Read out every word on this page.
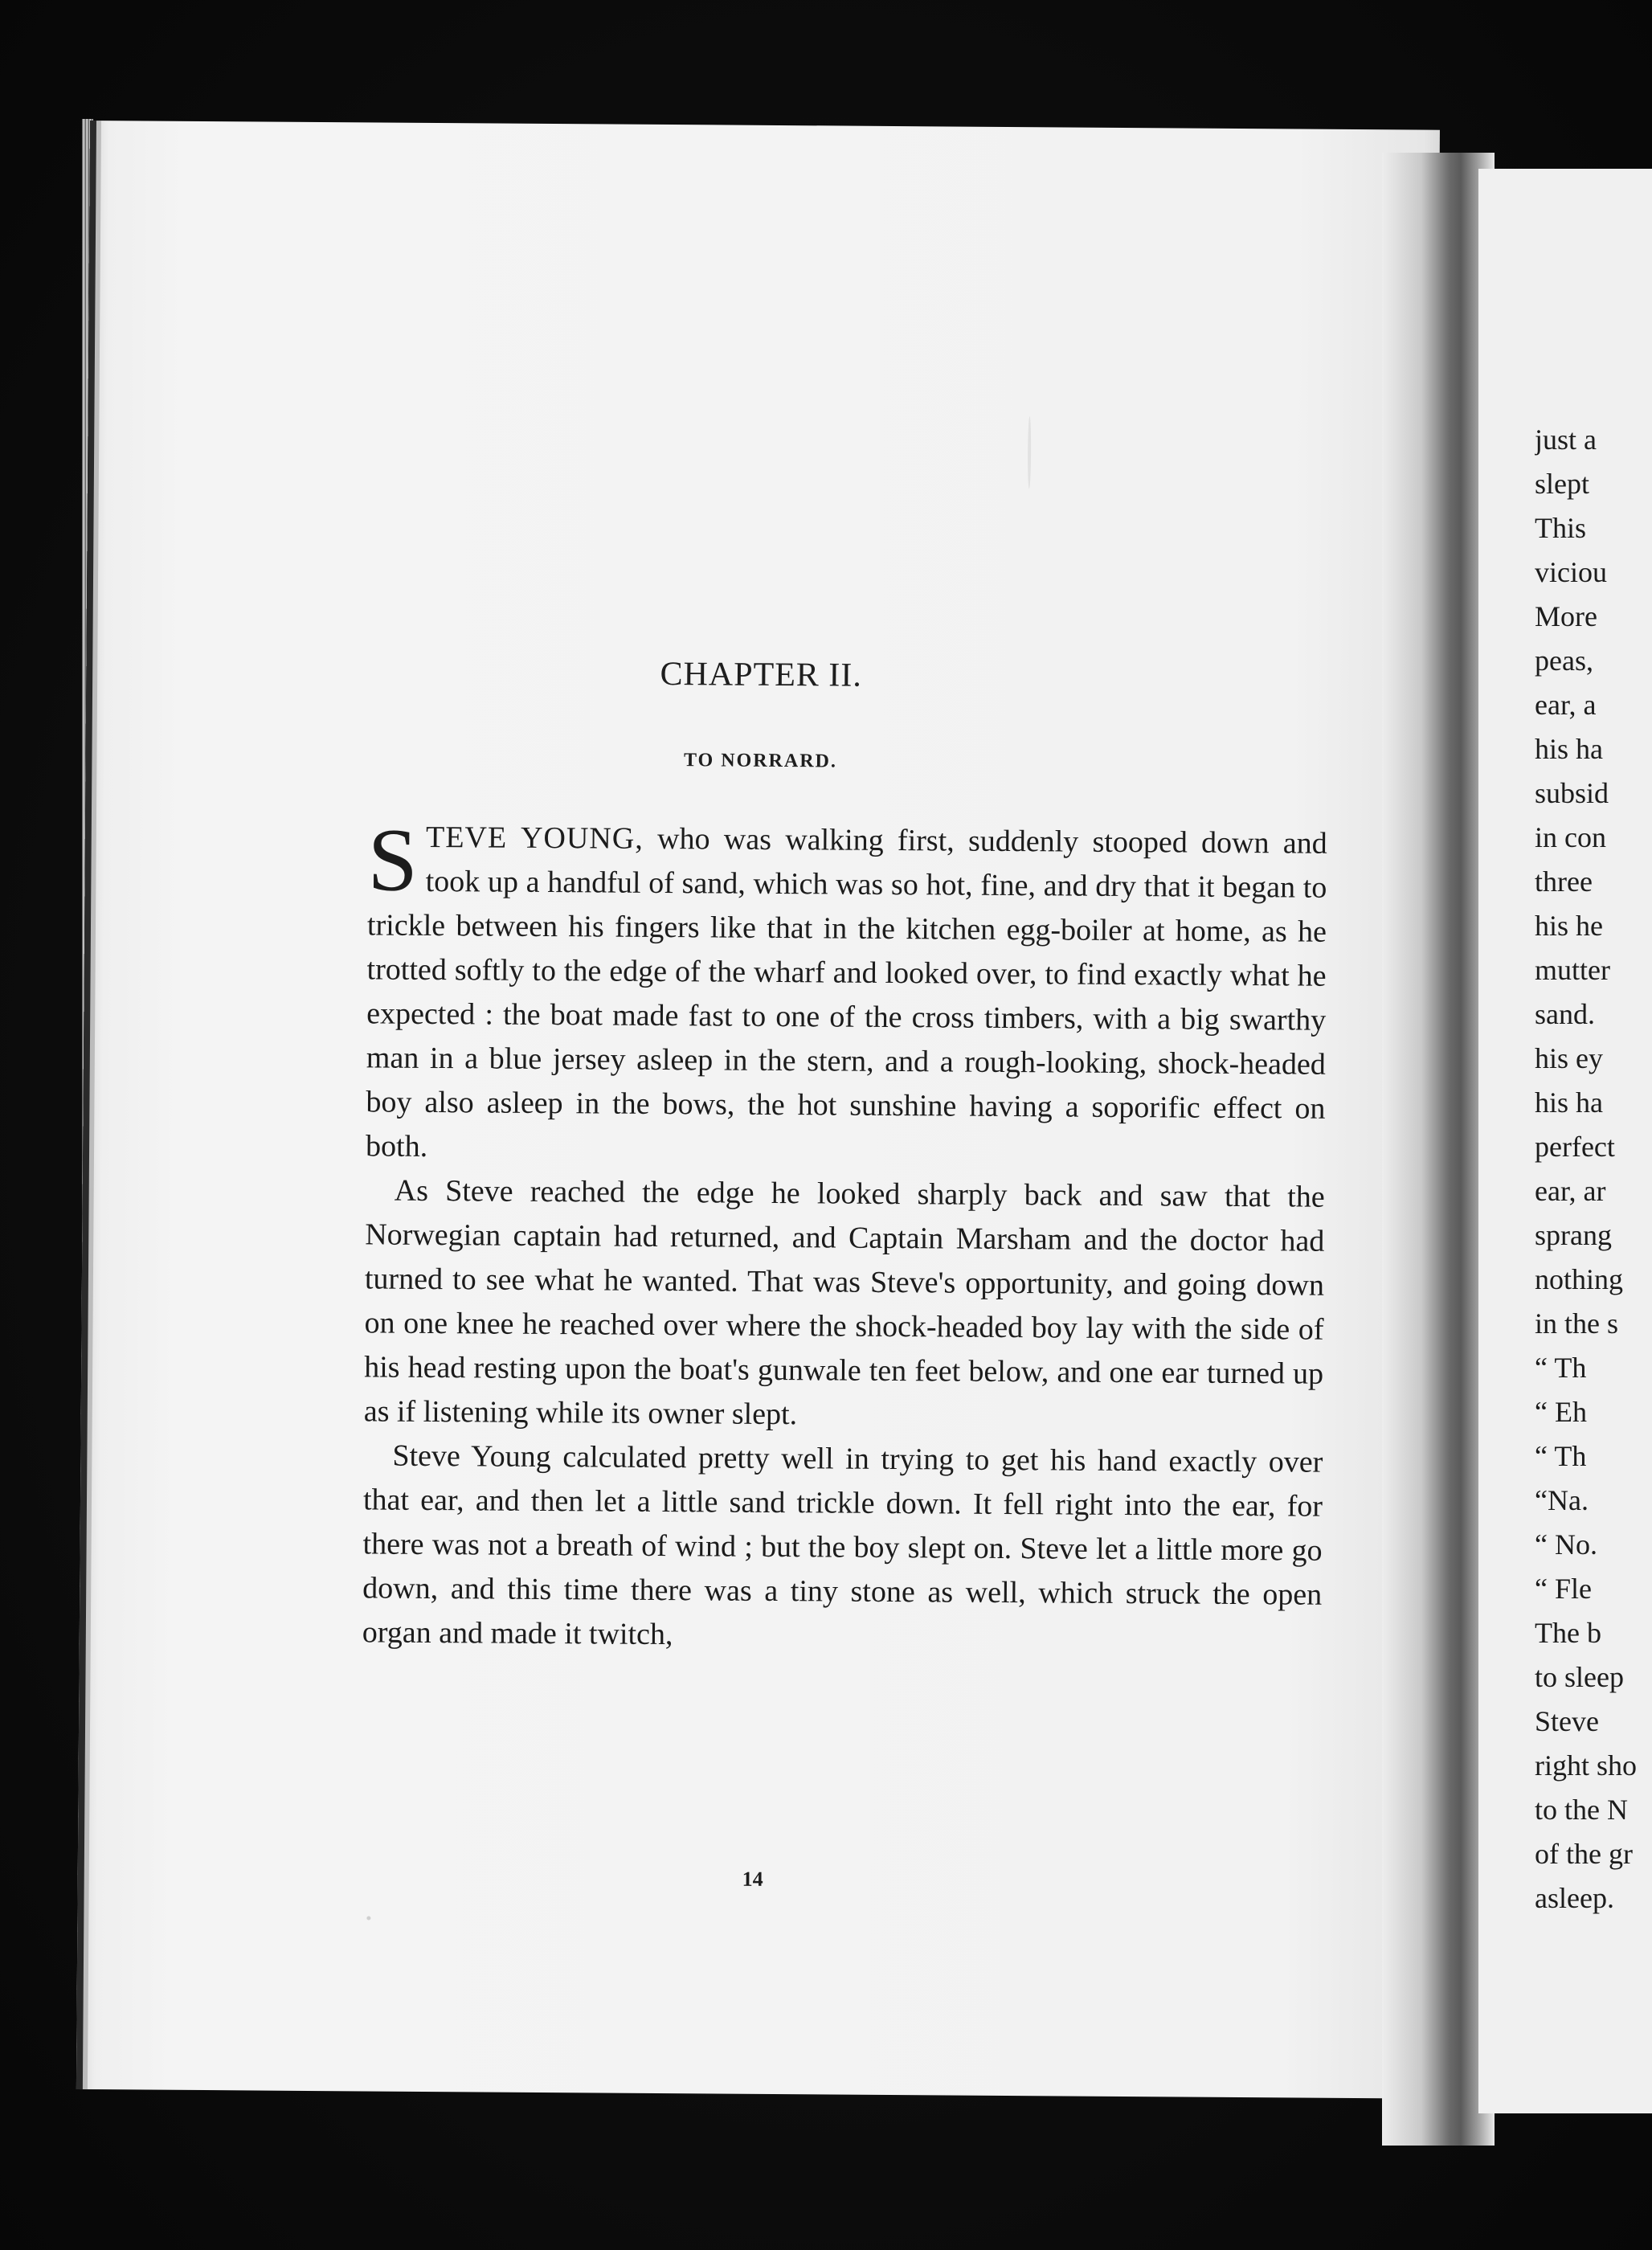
CHAPTER II.
TO NORRARD.

STEVE YOUNG, who was walking first, suddenly stooped down and took up a handful of sand, which was so hot, fine, and dry that it began to trickle between his fingers like that in the kitchen egg-boiler at home, as he trotted softly to the edge of the wharf and looked over, to find exactly what he expected : the boat made fast to one of the cross timbers, with a big swarthy man in a blue jersey asleep in the stern, and a rough-looking, shock-headed boy also asleep in the bows, the hot sunshine having a soporific effect on both.

As Steve reached the edge he looked sharply back and saw that the Norwegian captain had returned, and Captain Marsham and the doctor had turned to see what he wanted. That was Steve's opportunity, and going down on one knee he reached over where the shock-headed boy lay with the side of his head resting upon the boat's gunwale ten feet below, and one ear turned up as if listening while its owner slept.

Steve Young calculated pretty well in trying to get his hand exactly over that ear, and then let a little sand trickle down. It fell right into the ear, for there was not a breath of wind ; but the boy slept on. Steve let a little more go down, and this time there was a tiny stone as well, which struck the open organ and made it twitch,

14
just a
slept
This
viciou
More
peas,
ear, a
his ha
subsid
in con
three
his he
mutter
sand.
his ey
his ha
perfect
ear, ar
sprang
nothing
in the s
“ Th
“ Eh
“ Th
“Na.
“ No.
“ Fle
The b
to sleep
Steve
right sho
to the N
of the gr
asleep.
